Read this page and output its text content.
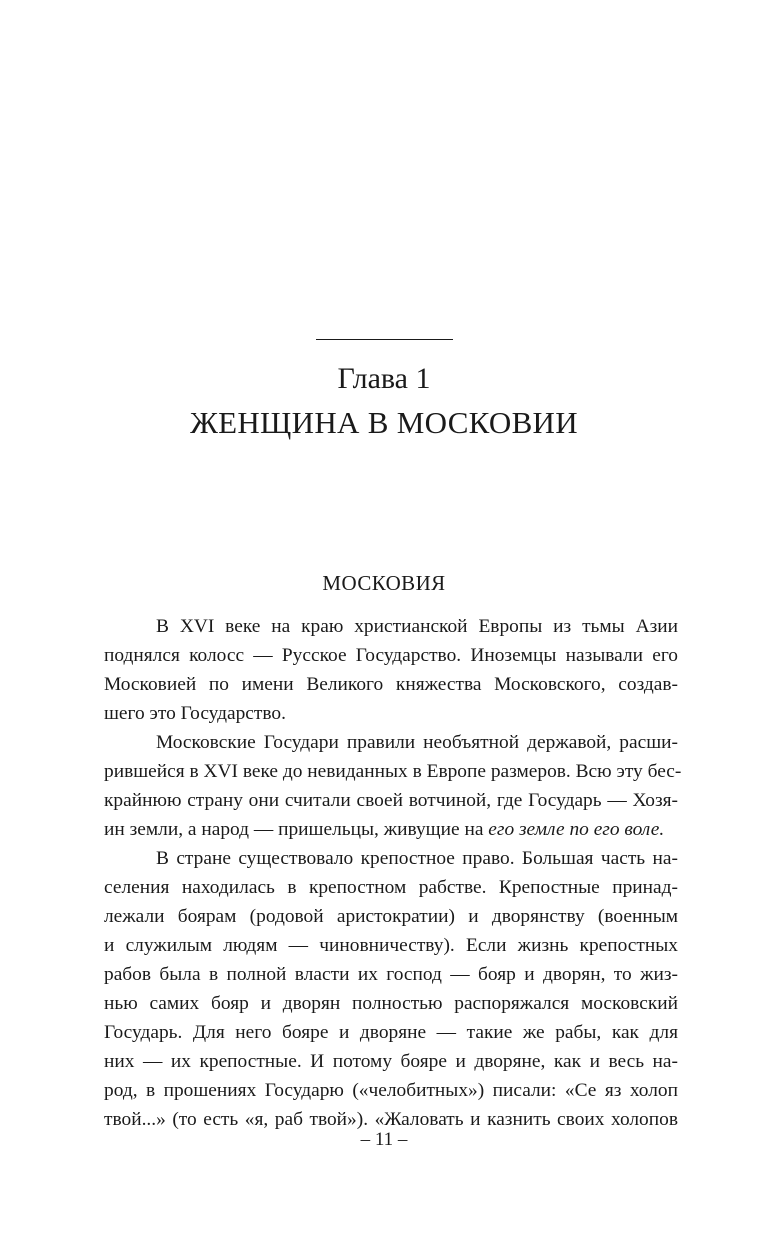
Глава 1
ЖЕНЩИНА В МОСКОВИИ
МОСКОВИЯ
В XVI веке на краю христианской Европы из тьмы Азии
поднялся колосс — Русское Государство. Иноземцы называли его
Московией по имени Великого княжества Московского, создав-
шего это Государство.
Московские Государи правили необъятной державой, расши-
рившейся в XVI веке до невиданных в Европе размеров. Всю эту бес-
крайнюю страну они считали своей вотчиной, где Государь — Хозя-
ин земли, а народ — пришельцы, живущие на его земле по его воле.
В стране существовало крепостное право. Большая часть на-
селения находилась в крепостном рабстве. Крепостные принад-
лежали боярам (родовой аристократии) и дворянству (военным
и служилым людям — чиновничеству). Если жизнь крепостных
рабов была в полной власти их господ — бояр и дворян, то жиз-
нью самих бояр и дворян полностью распоряжался московский
Государь. Для него бояре и дворяне — такие же рабы, как для
них — их крепостные. И потому бояре и дворяне, как и весь на-
род, в прошениях Государю («челобитных») писали: «Се яз холоп
твой...» (то есть «я, раб твой»). «Жаловать и казнить своих холопов
– 11 –
